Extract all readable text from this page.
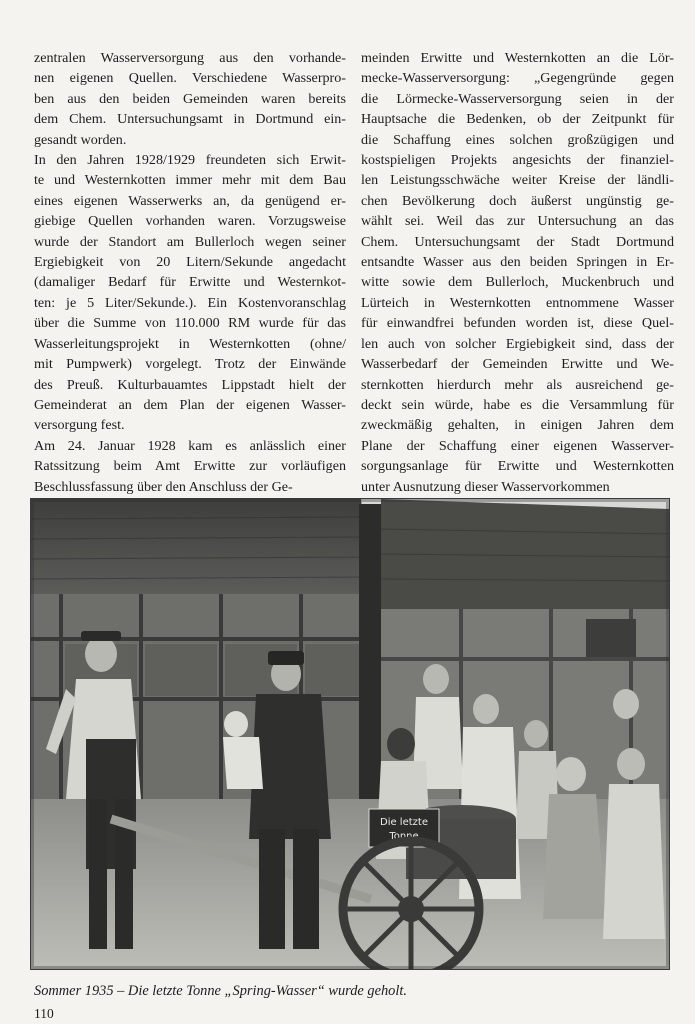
zentralen Wasserversorgung aus den vorhande-
nen eigenen Quellen. Verschiedene Wasserpro-
ben aus den beiden Gemeinden waren bereits
dem Chem. Untersuchungsamt in Dortmund ein-
gesandt worden.
In den Jahren 1928/1929 freundeten sich Erwit-
te und Westernkotten immer mehr mit dem Bau
eines eigenen Wasserwerks an, da genügend er-
giebige Quellen vorhanden waren. Vorzugsweise
wurde der Standort am Bullerloch wegen seiner
Ergiebigkeit von 20 Litern/Sekunde angedacht
(damaliger Bedarf für Erwitte und Westernkot-
ten: je 5 Liter/Sekunde.). Ein Kostenvoranschlag
über die Summe von 110.000 RM wurde für das
Wasserleitungsprojekt in Westernkotten (ohne/
mit Pumpwerk) vorgelegt. Trotz der Einwände
des Preuß. Kulturbauamtes Lippstadt hielt der
Gemeinderat an dem Plan der eigenen Wasser-
versorgung fest.
Am 24. Januar 1928 kam es anlässlich einer
Ratssitzung beim Amt Erwitte zur vorläufigen
Beschlussfassung über den Anschluss der Ge-
meinden Erwitte und Westernkotten an die Lör-
mecke-Wasserversorgung: „Gegengründe gegen
die Lörmecke-Wasserversorgung seien in der
Hauptsache die Bedenken, ob der Zeitpunkt für
die Schaffung eines solchen großzügigen und
kostspieligen Projekts angesichts der finanziel-
len Leistungsschwäche weiter Kreise der ländli-
chen Bevölkerung doch äußerst ungünstig ge-
wählt sei. Weil das zur Untersuchung an das
Chem. Untersuchungsamt der Stadt Dortmund
entsandte Wasser aus den beiden Springen in Er-
witte sowie dem Bullerloch, Muckenbruch und
Lürteich in Westernkotten entnommene Wasser
für einwandfrei befunden worden ist, diese Quel-
len auch von solcher Ergiebigkeit sind, dass der
Wasserbedarf der Gemeinden Erwitte und We-
sternkotten hierdurch mehr als ausreichend ge-
deckt sein würde, habe es die Versammlung für
zweckmäßig gehalten, in einigen Jahren dem
Plane der Schaffung einer eigenen Wasserver-
sorgungsanlage für Erwitte und Westernkotten
unter Ausnutzung dieser Wasservorkommen
Die letzte
Tonne
Sommer 1935 – Die letzte Tonne „Spring-Wasser“ wurde geholt.
110
